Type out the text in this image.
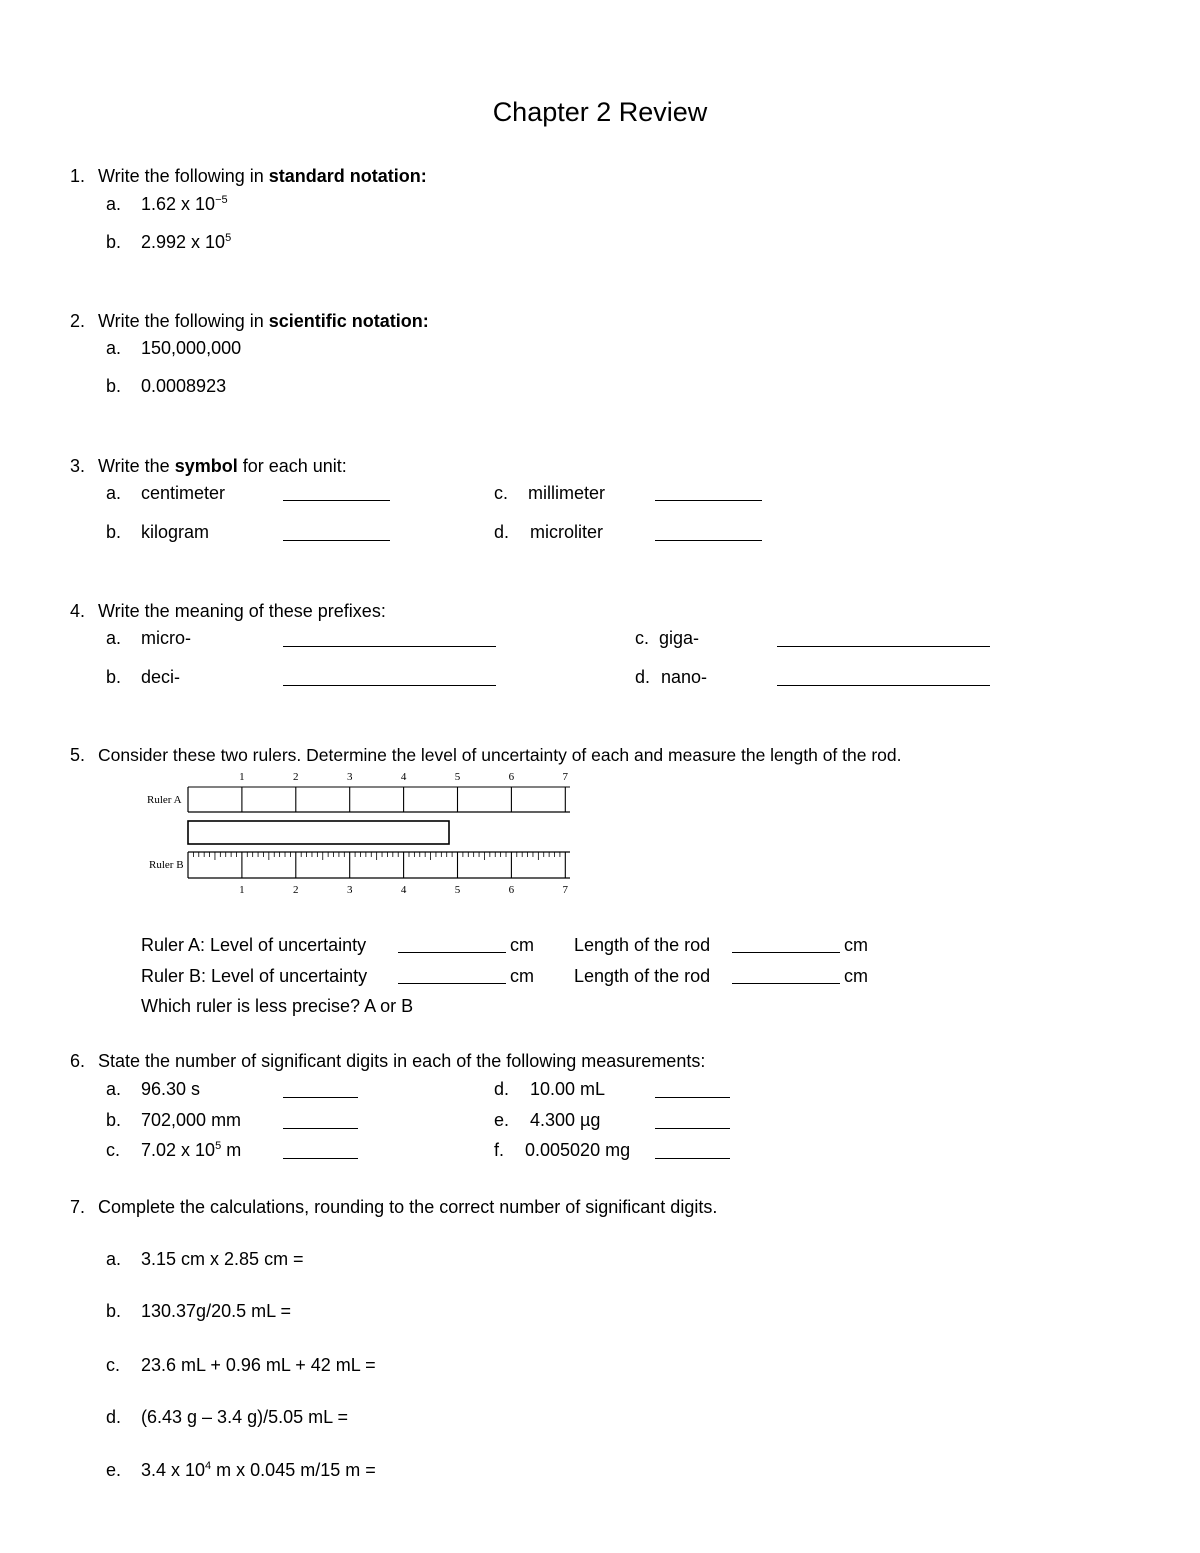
Chapter 2 Review
1. Write the following in standard notation:
a. 1.62 x $10^{-5}$
b. 2.992 x $10^5$
2. Write the following in scientific notation:
a. 150,000,000
b. 0.0008923
3. Write the symbol for each unit:
a. centimeter	c. millimeter
b. kilogram	d. microliter
4. Write the meaning of these prefixes:
a. micro-	c. giga-
b. deci-	d. nano-
5. Consider these two rulers. Determine the level of uncertainty of each and measure the length of the rod.
Ruler A
Ruler B
1	2	3	4	5	6	7
1	2	3	4	5	6	7
Ruler A: Level of uncertainty	cm Length of the rod	cm
Ruler B: Level of uncertainty	cm Length of the rod	cm
Which ruler is less precise? A or B
6. State the number of significant digits in each of the following measurements:
a. 96.30 s	d. 10.00 mL
b. 702,000 mm	e. 4.300 µg
c. 7.02 x $10^5$ m	f. 0.005020 mg
7. Complete the calculations, rounding to the correct number of significant digits.
a. 3.15 cm x 2.85 cm =
b. 130.37g/20.5 mL =
c. 23.6 mL + 0.96 mL + 42 mL =
d. (6.43 g – 3.4 g)/5.05 mL =
e. 3.4 x $10^4$ m x 0.045 m/15 m =
